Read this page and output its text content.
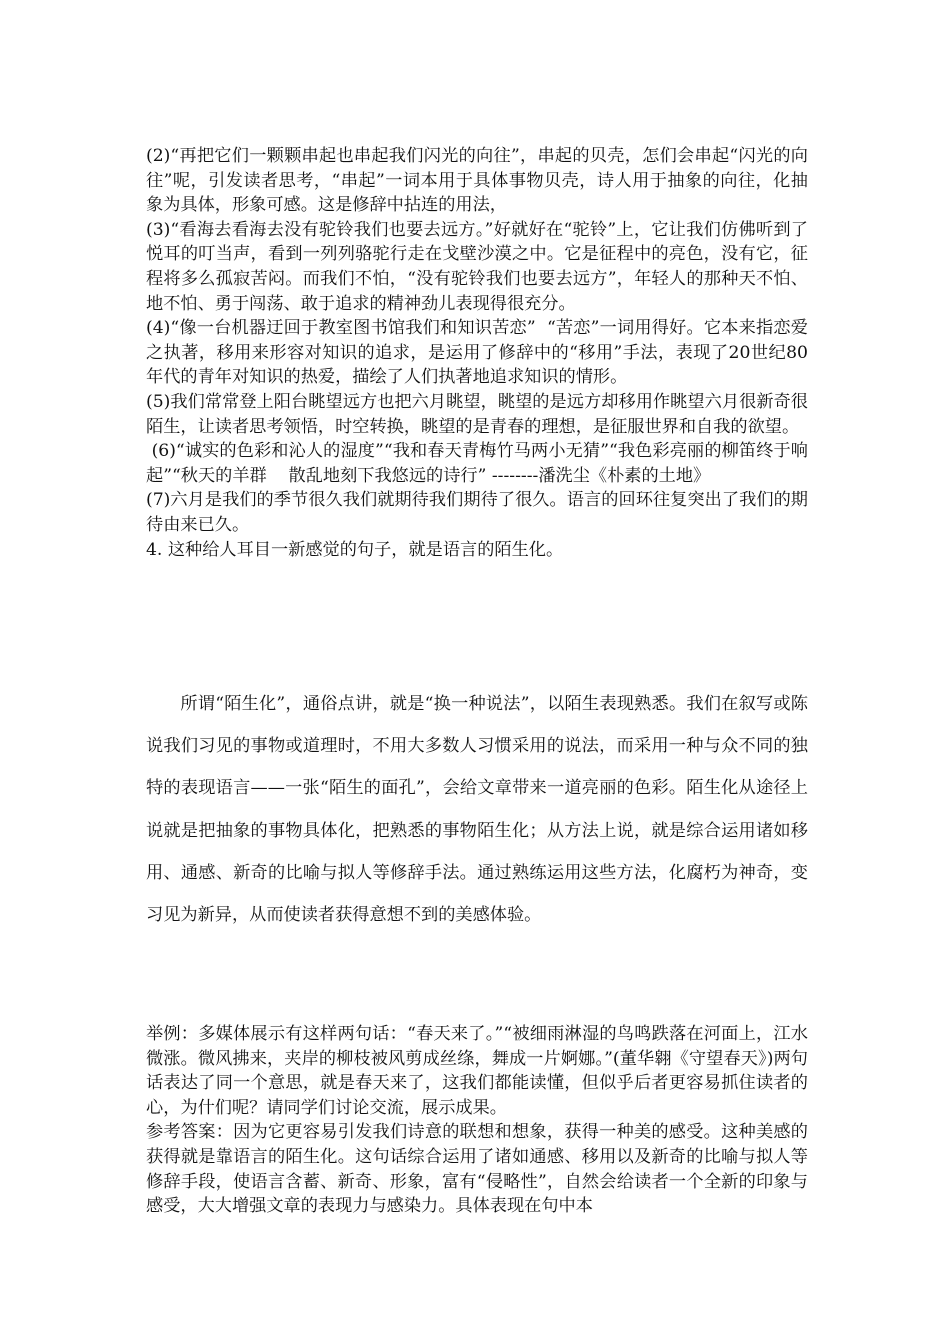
(2)“再把它们一颗颗串起也串起我们闪光的向往”，串起的贝壳，怎们会串起“闪光的向往”呢，引发读者思考，“串起”一词本用于具体事物贝壳，诗人用于抽象的向往，化抽象为具体，形象可感。这是修辞中拈连的用法，

(3)“看海去看海去没有驼铃我们也要去远方。”好就好在“驼铃”上，它让我们仿佛听到了悦耳的叮当声，看到一列列骆驼行走在戈壁沙漠之中。它是征程中的亮色，没有它，征程将多么孤寂苦闷。而我们不怕，“没有驼铃我们也要去远方”，年轻人的那种天不怕、地不怕、勇于闯荡、敢于追求的精神劲儿表现得很充分。

(4)“像一台机器迂回于教室图书馆我们和知识苦恋”  “苦恋”一词用得好。它本来指恋爱之执著，移用来形容对知识的追求，是运用了修辞中的“移用”手法，表现了20世纪80年代的青年对知识的热爱，描绘了人们执著地追求知识的情形。

(5)我们常常登上阳台眺望远方也把六月眺望，眺望的是远方却移用作眺望六月很新奇很陌生，让读者思考领悟，时空转换，眺望的是青春的理想，是征服世界和自我的欲望。

(6)“诚实的色彩和沁人的湿度”“我和春天青梅竹马两小无猜”“我色彩亮丽的柳笛终于响起”“秋天的羊群    散乱地刻下我悠远的诗行” --------潘洗尘《朴素的土地》

(7)六月是我们的季节很久我们就期待我们期待了很久。语言的回环往复突出了我们的期待由来已久。

4. 这种给人耳目一新感觉的句子，就是语言的陌生化。

所谓“陌生化”，通俗点讲，就是“换一种说法”，以陌生表现熟悉。我们在叙写或陈说我们习见的事物或道理时，不用大多数人习惯采用的说法，而采用一种与众不同的独特的表现语言——一张“陌生的面孔”，会给文章带来一道亮丽的色彩。陌生化从途径上说就是把抽象的事物具体化，把熟悉的事物陌生化；从方法上说，就是综合运用诸如移用、通感、新奇的比喻与拟人等修辞手法。通过熟练运用这些方法，化腐朽为神奇，变习见为新异，从而使读者获得意想不到的美感体验。

举例：多媒体展示有这样两句话：“春天来了。”“被细雨淋湿的鸟鸣跌落在河面上，江水微涨。微风拂来，夹岸的柳枝被风剪成丝绦，舞成一片婀娜。”(董华翱《守望春天》)两句话表达了同一个意思，就是春天来了，这我们都能读懂，但似乎后者更容易抓住读者的心，为什们呢？请同学们讨论交流，展示成果。

参考答案：因为它更容易引发我们诗意的联想和想象，获得一种美的感受。这种美感的获得就是靠语言的陌生化。这句话综合运用了诸如通感、移用以及新奇的比喻与拟人等修辞手段，使语言含蓄、新奇、形象，富有“侵略性”，自然会给读者一个全新的印象与感受，大大增强文章的表现力与感染力。具体表现在句中本
